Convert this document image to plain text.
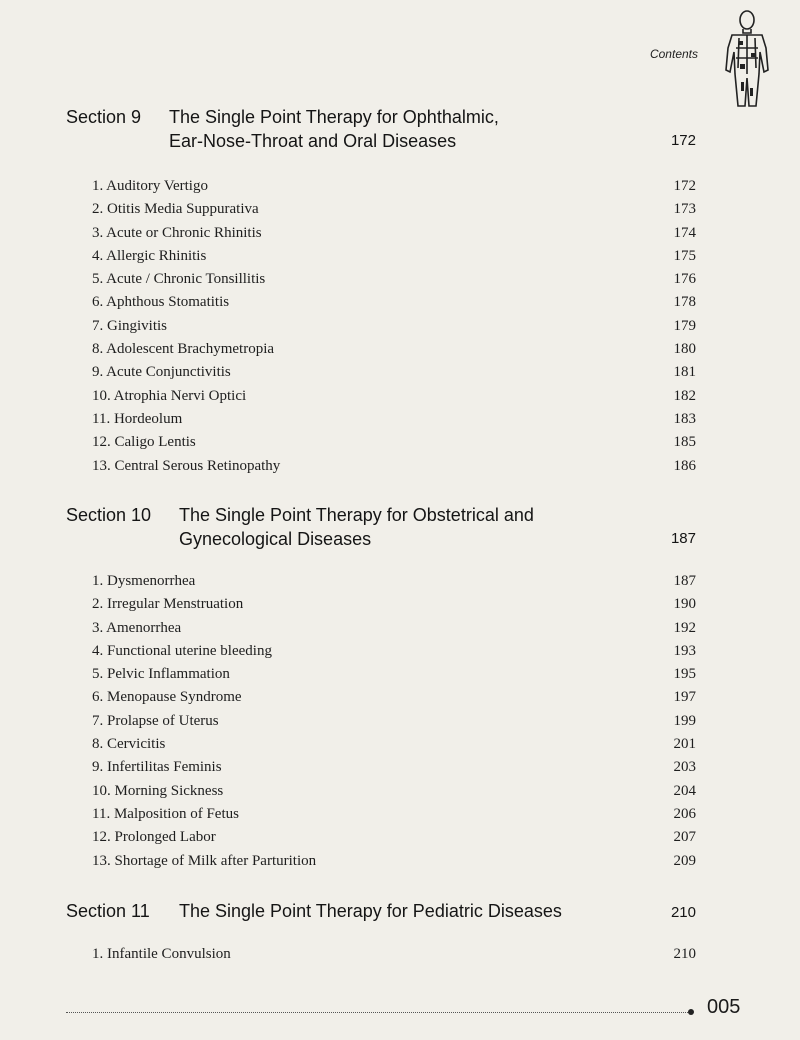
Contents
Section 9 The Single Point Therapy for Ophthalmic,
Ear-Nose-Throat and Oral Diseases	172
1. Auditory Vertigo	172
2. Otitis Media Suppurativa	173
3. Acute or Chronic Rhinitis	174
4. Allergic Rhinitis	175
5. Acute / Chronic Tonsillitis	176
6. Aphthous Stomatitis	178
7. Gingivitis	179
8. Adolescent Brachymetropia	180
9. Acute Conjunctivitis	181
10. Atrophia Nervi Optici	182
11. Hordeolum	183
12. Caligo Lentis	185
13. Central Serous Retinopathy	186
Section 10 The Single Point Therapy for Obstetrical and
Gynecological Diseases	187
1. Dysmenorrhea	187
2. Irregular Menstruation	190
3. Amenorrhea	192
4. Functional uterine bleeding	193
5. Pelvic Inflammation	195
6. Menopause Syndrome	197
7. Prolapse of Uterus	199
8. Cervicitis	201
9. Infertilitas Feminis	203
10. Morning Sickness	204
11. Malposition of Fetus	206
12. Prolonged Labor	207
13. Shortage of Milk after Parturition	209
Section 11 The Single Point Therapy for Pediatric Diseases	210
1. Infantile Convulsion	210
005
